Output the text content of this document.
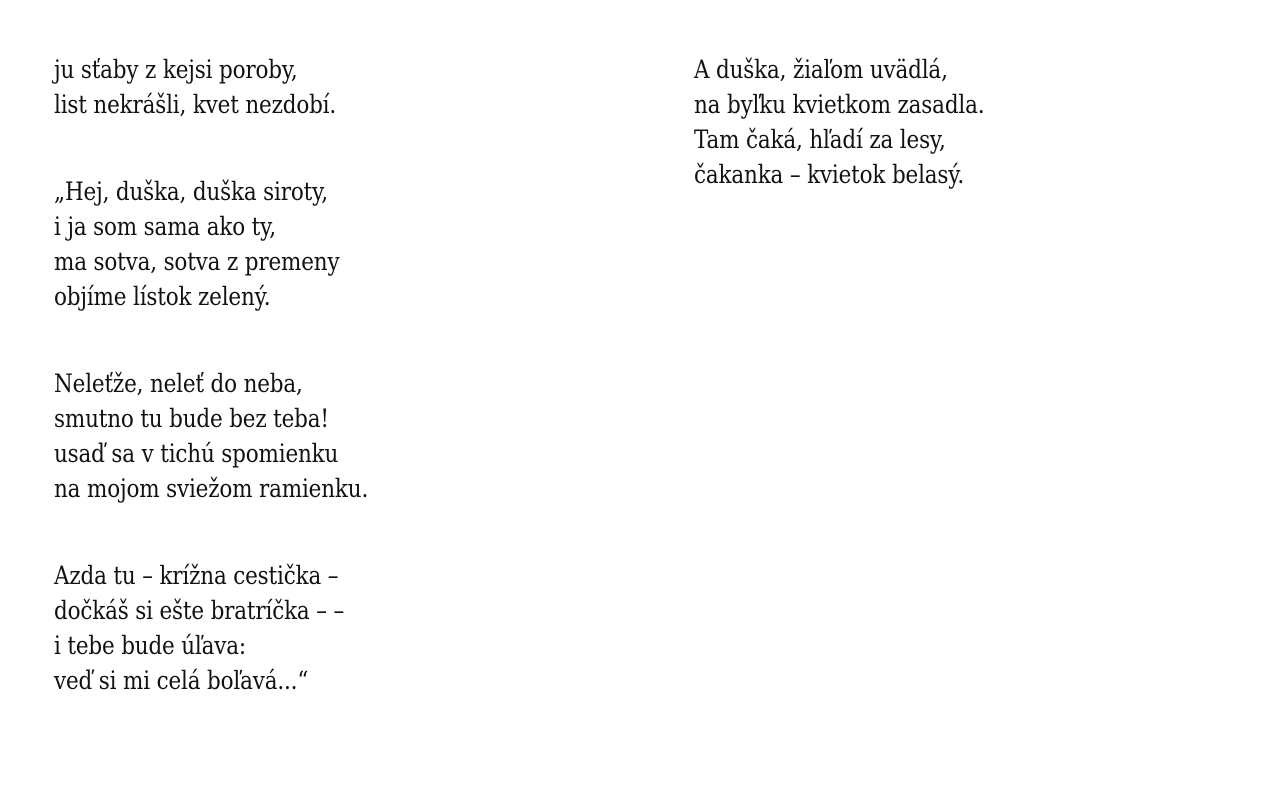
ju sťaby z kejsi poroby,
list nekrášli, kvet nezdobí.
„Hej, duška, duška siroty,
i ja som sama ako ty,
ma sotva, sotva z premeny
objíme lístok zelený.
Neleťže, neleť do neba,
smutno tu bude bez teba!
usaď sa v tichú spomienku
na mojom sviežom ramienku.
Azda tu – krížna cestička –
dočkáš si ešte bratríčka – –
i tebe bude úľava:
veď si mi celá boľavá...“
A duška, žiaľom uvädlá,
na byľku kvietkom zasadla.
Tam čaká, hľadí za lesy,
čakanka – kvietok belasý.
